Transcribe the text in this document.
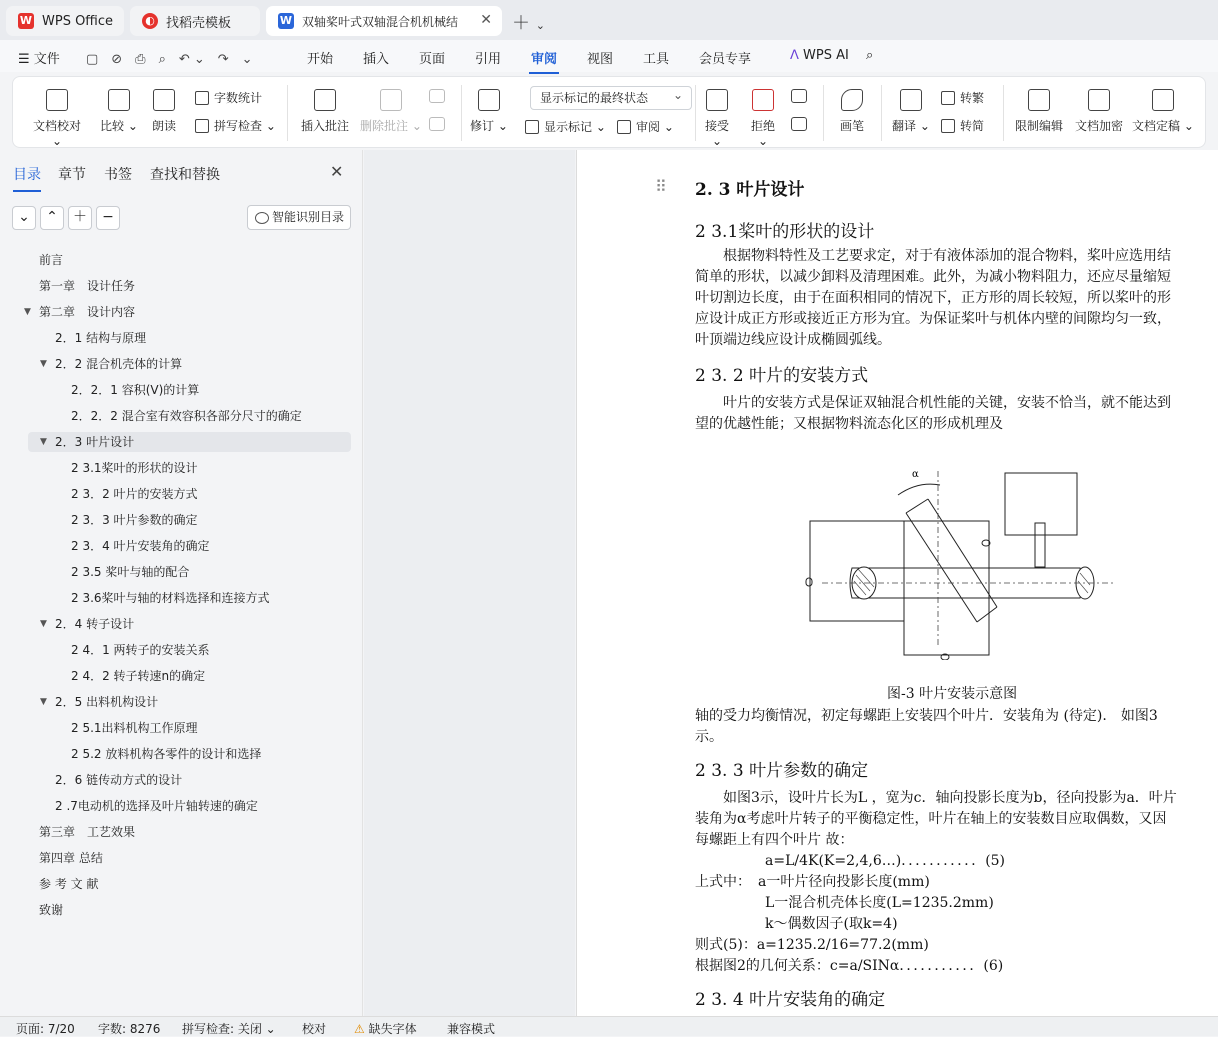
W WPS Office	◐ 找稻壳模板	W 双轴桨叶式双轴混合机机械结 ✕ ＋ ⌄
☰ 文件 ▢　⊘　⎙　⌕　↶ ⌄　↷　⌄	开始 插入 页面 引用 审阅 视图 工具 会员专享	ᐱ WPS AI ⌕
文档校对 ⌄
比较 ⌄	朗读
字数统计
拼写检查 ⌄	插入批注 删除批注 ⌄	修订 ⌄
显示标记的最终状态 ⌄
显示标记 ⌄	审阅 ⌄	接受 ⌄
拒绝 ⌄
画笔	翻译 ⌄
转繁
转简	限制编辑 文档加密 文档定稿 ⌄
目录 章节 书签 查找和替换	✕
⌄	⌃	＋	−	智能识别目录
前言
第一章　设计任务
第二章　设计内容
▼
2．1 结构与原理
2．2 混合机壳体的计算
▼
2．2．1 容积(V)的计算
2．2．2 混合室有效容积各部分尺寸的确定
2．3 叶片设计
▼
2 3.1桨叶的形状的设计
2 3．2 叶片的安装方式
2 3．3 叶片参数的确定
2 3．4 叶片安装角的确定
2 3.5 桨叶与轴的配合
2 3.6桨叶与轴的材料选择和连接方式
2．4 转子设计
▼
2 4．1 两转子的安装关系
2 4．2 转子转速n的确定
2．5 出料机构设计
▼
2 5.1出料机构工作原理
2 5.2 放料机构各零件的设计和选择
2．6 链传动方式的设计
2 .7电动机的选择及叶片轴转速的确定
第三章　工艺效果
第四章 总结
参 考 文 献
致谢
⠿ 2. 3 叶片设计
2 3.1桨叶的形状的设计
　　根据物料特性及工艺要求定，对于有液体添加的混合物料，桨叶应选用结
简单的形状，以减少卸料及清理困难。此外，为减小物料阻力，还应尽量缩短
叶切割边长度，由于在面积相同的情况下，正方形的周长较短，所以桨叶的形
应设计成正方形或接近正方形为宜。为保证桨叶与机体内壁的间隙均匀一致，
叶顶端边线应设计成椭圆弧线。
2 3. 2 叶片的安装方式
　　叶片的安装方式是保证双轴混合机性能的关键，安装不恰当，就不能达到
望的优越性能；又根据物料流态化区的形成机理及
α
图-3 叶片安装示意图
轴的受力均衡情况，初定每螺距上安装四个叶片．安装角为 (待定).　如图3
示。
2 3. 3 叶片参数的确定
　　如图3示，设叶片长为L ，宽为c．轴向投影长度为b，径向投影为a．叶片
装角为α考虑叶片转子的平衡稳定性，叶片在轴上的安装数目应取偶数，又因
每螺距上有四个叶片 故：
　　　　　a=L/4K(K=2,4,6…)．．．．．．．．．．．(5)
上式中：　a一叶片径向投影长度(mm)
　　　　　L一混合机壳体长度(L=1235.2mm)
　　　　　k～偶数因子(取k=4)
则式(5)：a=1235.2/16=77.2(mm)
根据图2的几何关系：c=a/SINα．．．．．．．．．．．(6)
2 3. 4 叶片安装角的确定
页面: 7/20 字数: 8276 拼写检查: 关闭 ⌄ 校对 ⚠ 缺失字体	兼容模式
